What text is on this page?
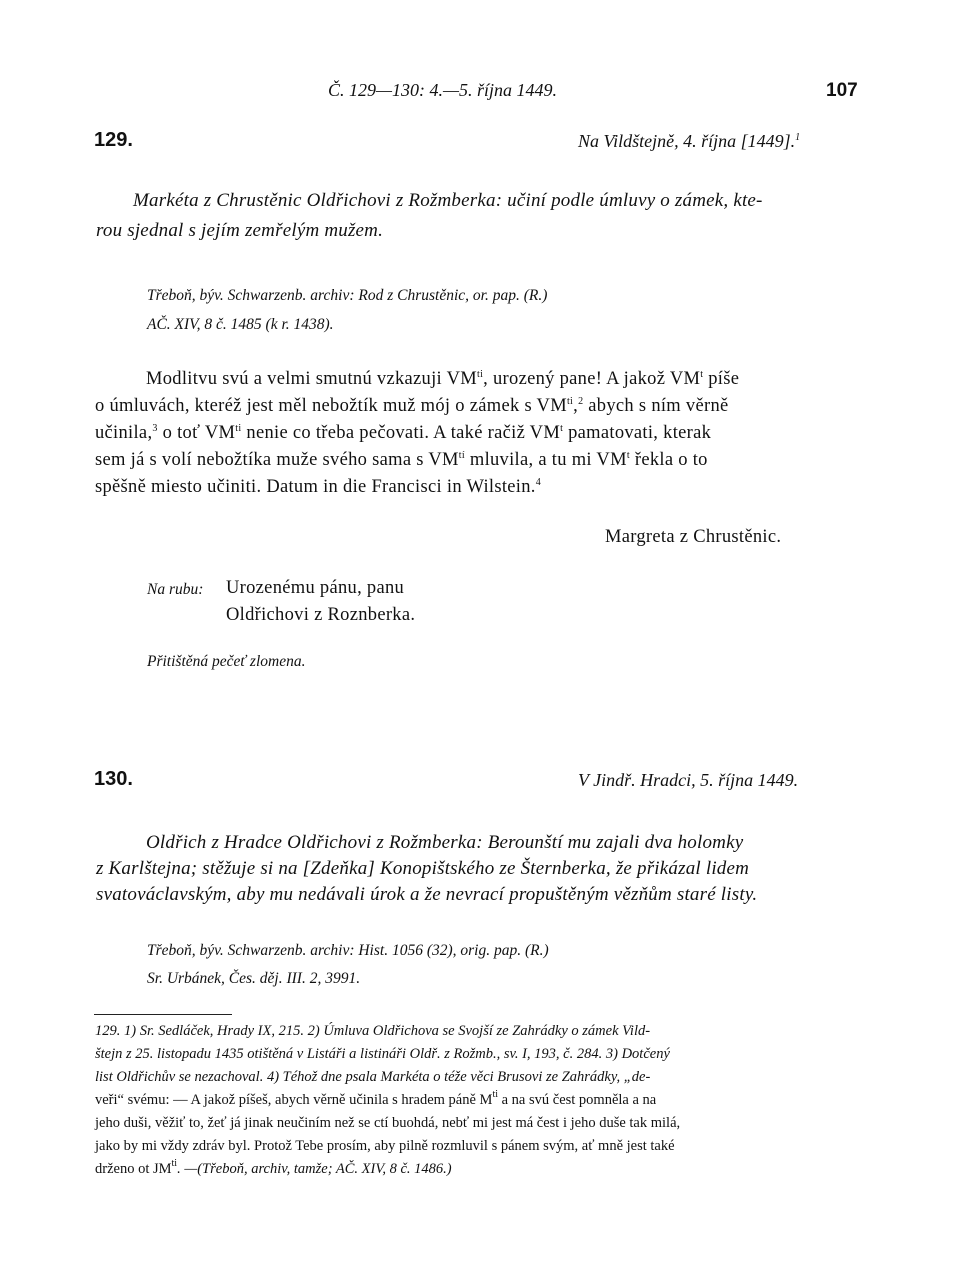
Č. 129—130: 4.—5. října 1449.	107
129.	Na Vildštejně, 4. října [1449].$^1$
Markéta z Chrustěnic Oldřichovi z Rožmberka: učiní podle úmluvy o zámek, kte-
rou sjednal s jejím zemřelým mužem.
Třeboň, býv. Schwarzenb. archiv: Rod z Chrustěnic, or. pap. (R.)
AČ. XIV, 8 č. 1485 (k r. 1438).
Modlitvu svú a velmi smutnú vzkazuji $VM^{ti}$, urozený pane! A jakož $VM^t$ píše
o úmluvách, kteréž jest měl nebožtík muž mój o zámek s $VM^{ti},^2$ abych s ním věrně
učinila,$^3$ o toť $VM^{ti}$ nenie co třeba pečovati. A také račiž $VM^t$ pamatovati, kterak
sem já s volí nebožtíka muže svého sama s $VM^{tí}$ mluvila, a tu mi $VM^t$ řekla o to
spěšně miesto učiniti. Datum in die Francisci in Wilstein.$^4$
Margreta z Chrustěnic.
Na rubu: Urozenému pánu, panu
Oldřichovi z Roznberka.
Přitištěná pečeť zlomena.
130.	V Jindř. Hradci, 5. října 1449.
Oldřich z Hradce Oldřichovi z Rožmberka: Berounští mu zajali dva holomky
z Karlštejna; stěžuje si na [Zdeňka] Konopištského ze Šternberka, že přikázal lidem
svatováclavským, aby mu nedávali úrok a že nevrací propuštěným vězňům staré listy.
Třeboň, býv. Schwarzenb. archiv: Hist. 1056 (32), orig. pap. (R.)
Sr. Urbánek, Čes. děj. III. 2, 3991.
129. 1) Sr. Sedláček, Hrady IX, 215. 2) Úmluva Oldřichova se Svojší ze Zahrádky o zámek Vild-
štejn z 25. listopadu 1435 otištěná v Listáři a listináři Oldř. z Rožmb., sv. I, 193, č. 284. 3) Dotčený
list Oldřichův se nezachoval. 4) Téhož dne psala Markéta o téže věci Brusovi ze Zahrádky, „de-
veři“ svému: — A jakož píšeš, abych věrně učinila s hradem páně $M^{ti}$ a na svú čest pomněla a na
jeho duši, věžiť to, žeť já jinak neučiním než se ctí buohdá, nebť mi jest má čest i jeho duše tak milá,
jako by mi vždy zdráv byl. Protož Tebe prosím, aby pilně rozmluvil s pánem svým, ať mně jest také
drženo ot $JM^{ti}$. —(Třeboň, archiv, tamže; AČ. XIV, 8 č. 1486.)
